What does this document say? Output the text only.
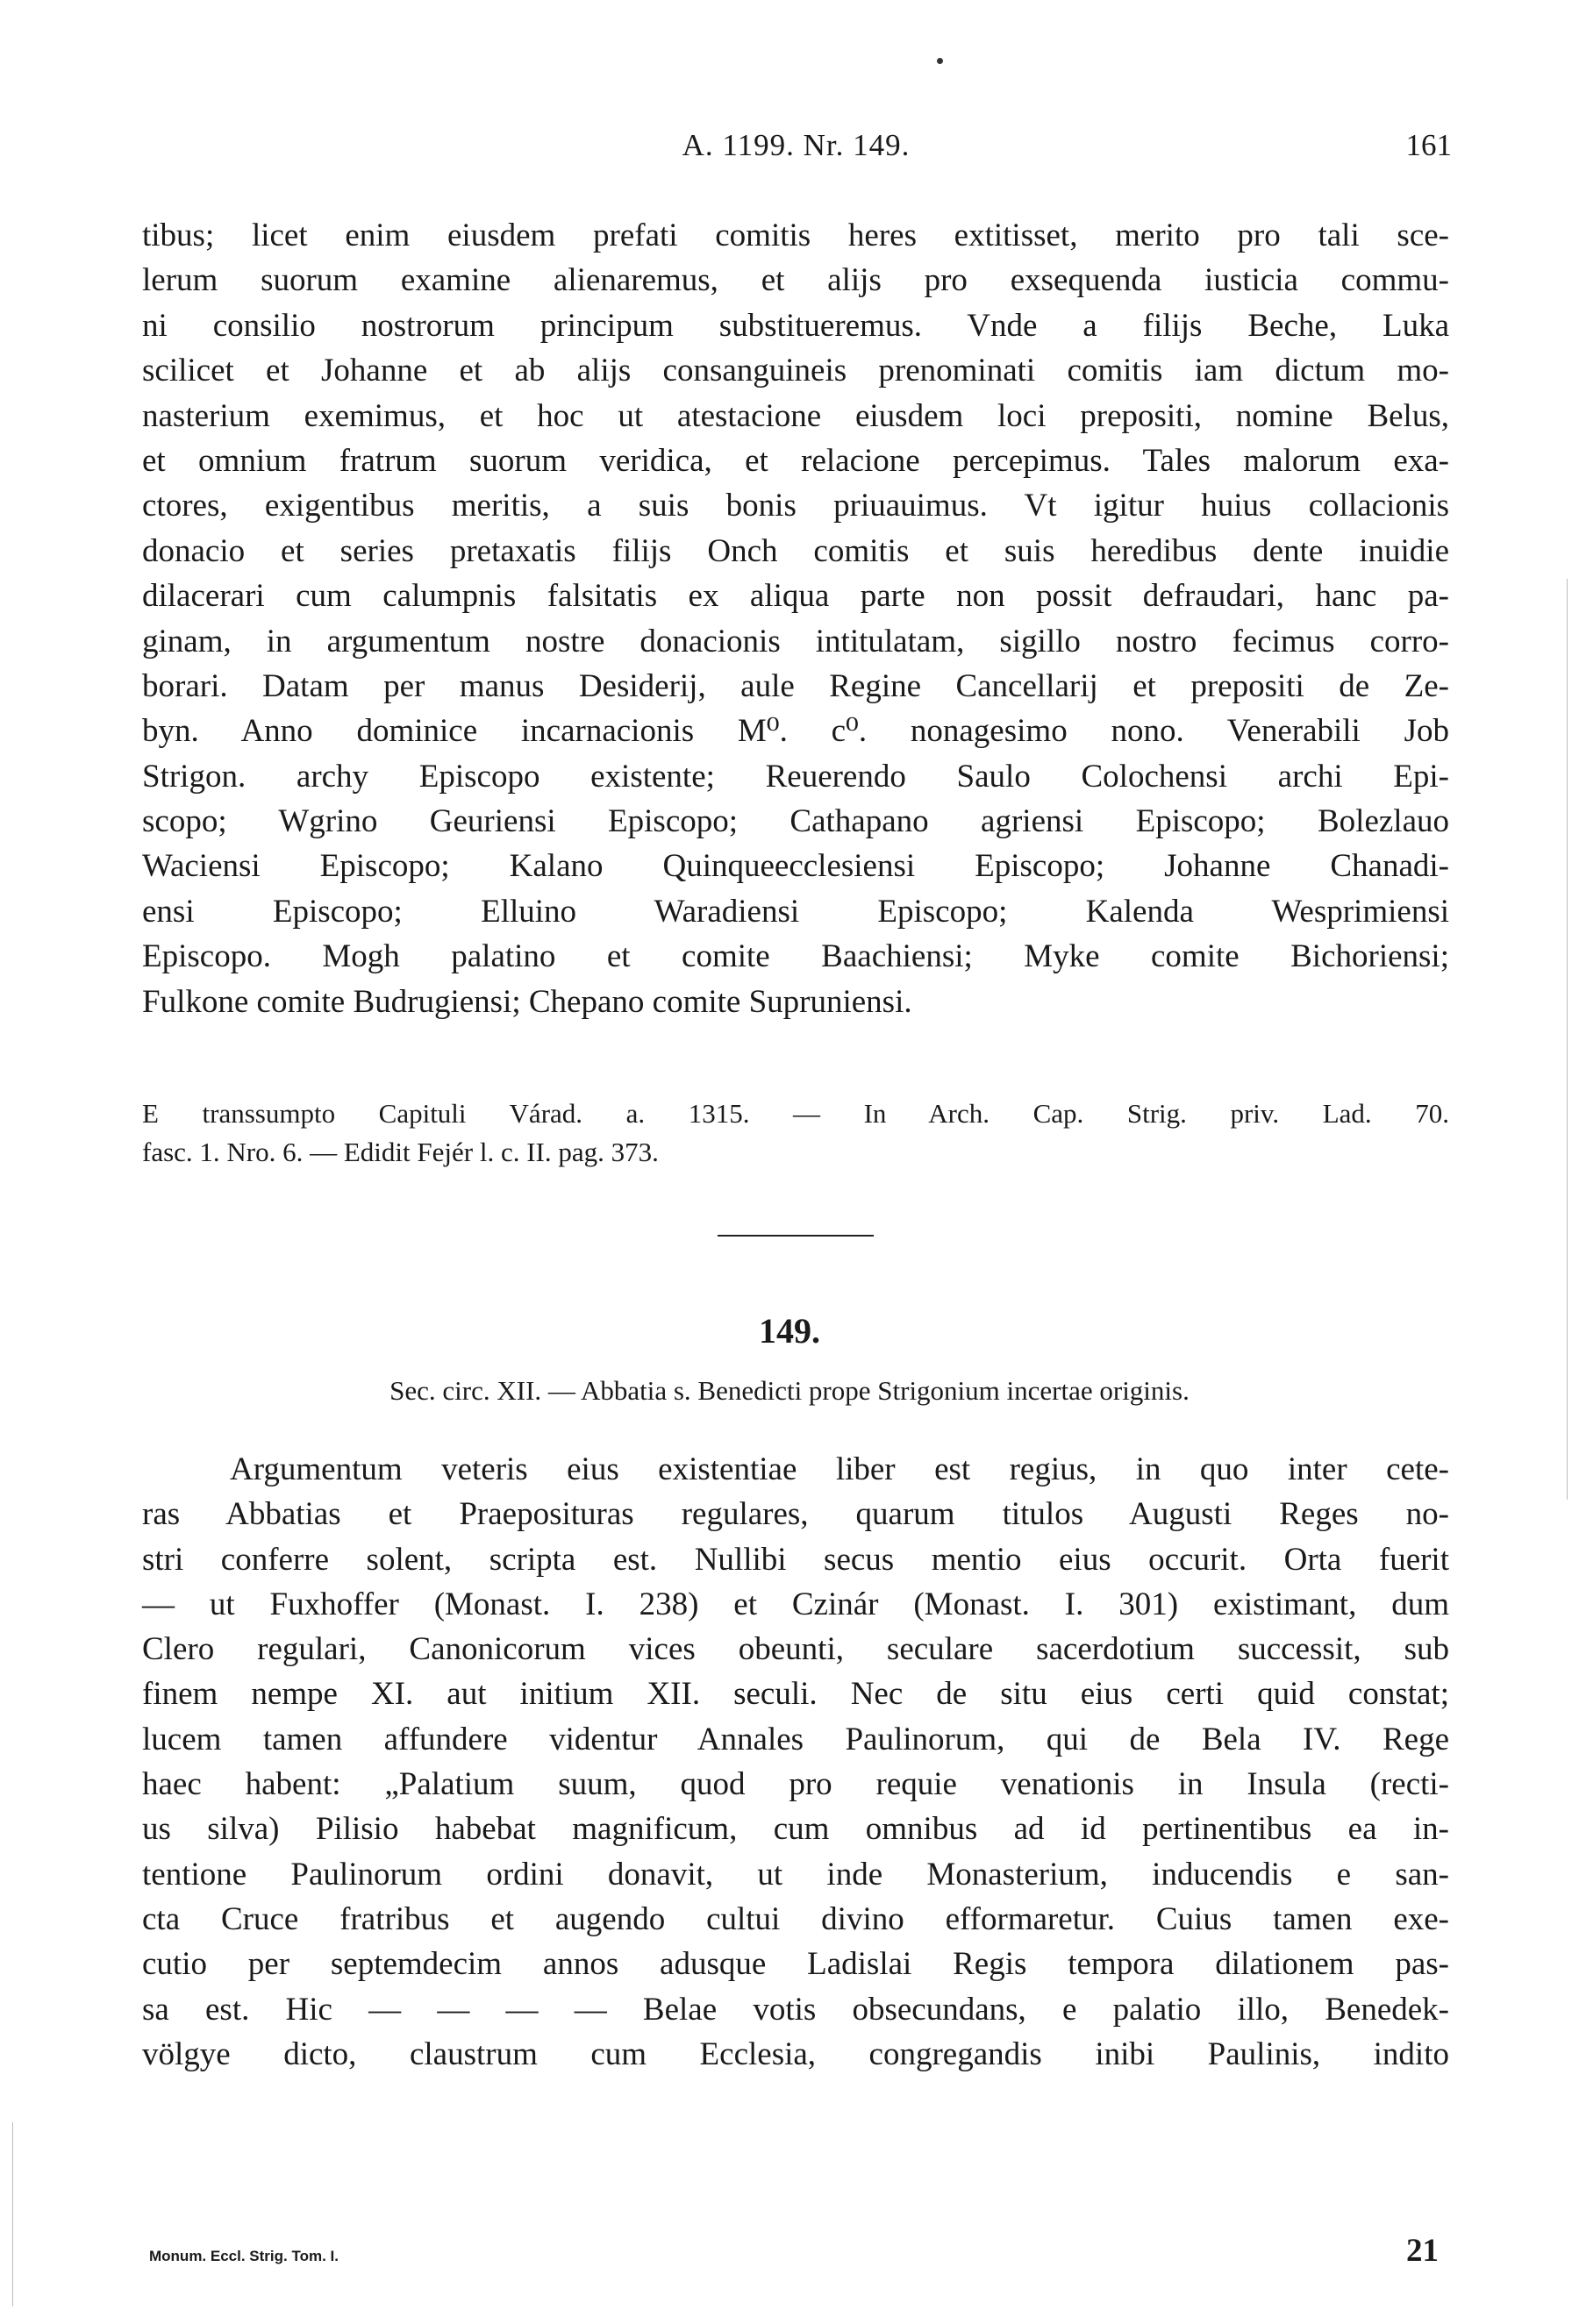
A. 1199. Nr. 149.	161
tibus; licet enim eiusdem prefati comitis heres extitisset, merito pro tali sce-
lerum suorum examine alienaremus, et alijs pro exsequenda iusticia commu-
ni consilio nostrorum principum substitueremus. Vnde a filijs Beche, Luka
scilicet et Johanne et ab alijs consanguineis prenominati comitis iam dictum mo-
nasterium exemimus, et hoc ut atestacione eiusdem loci prepositi, nomine Belus,
et omnium fratrum suorum veridica, et relacione percepimus. Tales malorum exa-
ctores, exigentibus meritis, a suis bonis priuauimus. Vt igitur huius collacionis
donacio et series pretaxatis filijs Onch comitis et suis heredibus dente inuidie
dilacerari cum calumpnis falsitatis ex aliqua parte non possit defraudari, hanc pa-
ginam, in argumentum nostre donacionis intitulatam, sigillo nostro fecimus corro-
borari. Datam per manus Desiderij, aule Regine Cancellarij et prepositi de Ze-
byn. Anno dominice incarnacionis M⁰. c⁰. nonagesimo nono. Venerabili Job
Strigon. archy Episcopo existente; Reuerendo Saulo Colochensi archi Epi-
scopo; Wgrino Geuriensi Episcopo; Cathapano agriensi Episcopo; Bolezlauo
Waciensi Episcopo; Kalano Quinqueecclesiensi Episcopo; Johanne Chanadi-
ensi Episcopo; Elluino Waradiensi Episcopo; Kalenda Wesprimiensi
Episcopo. Mogh palatino et comite Baachiensi; Myke comite Bichoriensi;
Fulkone comite Budrugiensi; Chepano comite Supruniensi.
E transsumpto Capituli Várad. a. 1315. — In Arch. Cap. Strig. priv. Lad. 70.
fasc. 1. Nro. 6. — Edidit Fejér l. c. II. pag. 373.
149.
Sec. circ. XII. — Abbatia s. Benedicti prope Strigonium incertae originis.
Argumentum veteris eius existentiae liber est regius, in quo inter cete-
ras Abbatias et Praeposituras regulares, quarum titulos Augusti Reges no-
stri conferre solent, scripta est. Nullibi secus mentio eius occurit. Orta fuerit
— ut Fuxhoffer (Monast. I. 238) et Czinár (Monast. I. 301) existimant, dum
Clero regulari, Canonicorum vices obeunti, seculare sacerdotium successit, sub
finem nempe XI. aut initium XII. seculi. Nec de situ eius certi quid constat;
lucem tamen affundere videntur Annales Paulinorum, qui de Bela IV. Rege
haec habent: „Palatium suum, quod pro requie venationis in Insula (recti-
us silva) Pilisio habebat magnificum, cum omnibus ad id pertinentibus ea in-
tentione Paulinorum ordini donavit, ut inde Monasterium, inducendis e san-
cta Cruce fratribus et augendo cultui divino efformaretur. Cuius tamen exe-
cutio per septemdecim annos adusque Ladislai Regis tempora dilationem pas-
sa est. Hic — — — — Belae votis obsecundans, e palatio illo, Benedek-
völgye dicto, claustrum cum Ecclesia, congregandis inibi Paulinis, indito
Monum. Eccl. Strig. Tom. I.	21
